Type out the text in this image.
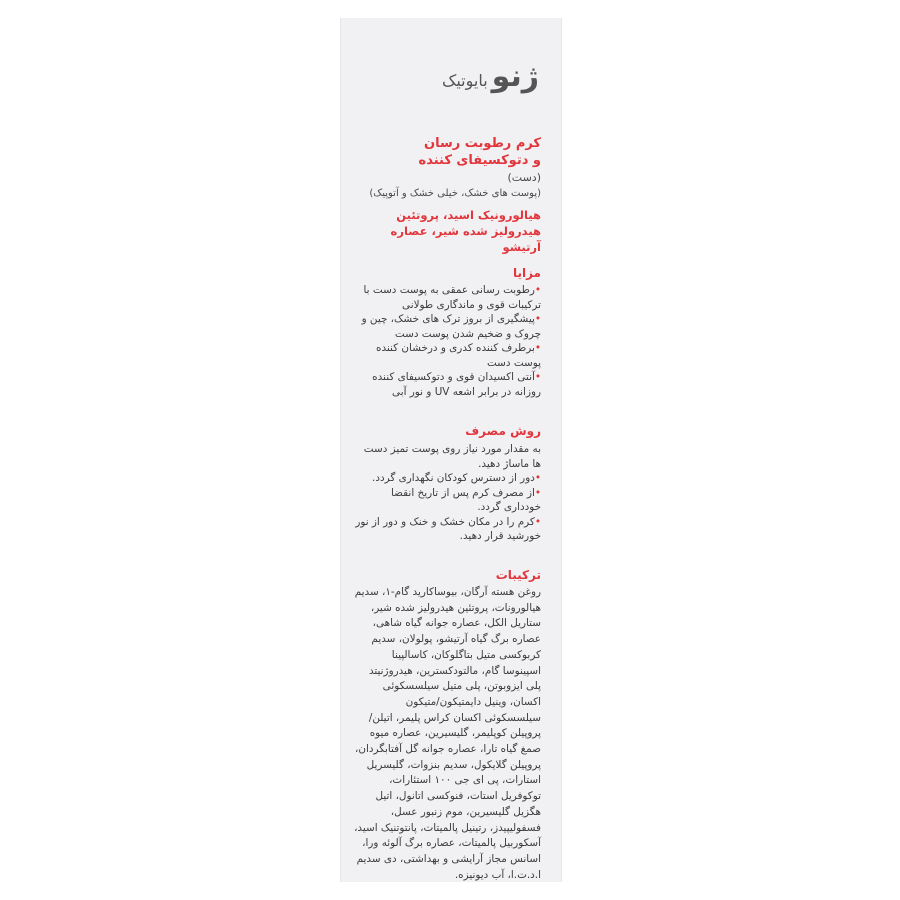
ژنو
بایوتیک
کرم رطوبت رسان
و دتوکسیفای کننده
(دست)
(پوست های خشک، خیلی خشک و آتوپیک)
هیالورونیک اسید، پروتئین
هیدرولیز شده شیر، عصاره آرتیشو
مزایا
•رطوبت رسانی عمقی به پوست دست با ترکیبات قوی و ماندگاری طولانی
•پیشگیری از بروز ترک های خشک، چین و چروک و ضخیم شدن پوست دست
•برطرف کننده کدری و درخشان کننده پوست دست
•آنتی اکسیدان قوی و دتوکسیفای کننده روزانه در برابر اشعه UV و نور آبی
روش مصرف
به مقدار مورد نیاز روی پوست تمیز دست ها ماساژ دهید.
•دور از دسترس کودکان نگهداری گردد.
•از مصرف کرم پس از تاریخ انقضا خودداری گردد.
•کرم را در مکان خشک و خنک و دور از نور خورشید قرار دهید.
ترکیبات
روغن هسته آرگان، بیوساکارید گام-۱، سدیم هیالورونات، پروتئین هیدرولیز شده شیر، ستاریل الکل، عصاره جوانه گیاه شاهی، عصاره برگ گیاه آرتیشو، پولولان، سدیم کربوکسی متیل بتاگلوکان، کاسالپینا اسپینوسا گام، مالتودکسترین، هیدروژنیتد پلی ایزوبوتن، پلی متیل سیلسسکوئی اکسان، وینیل دایمتیکون/متیکون سیلسسکوئی اکسان کراس پلیمر، اتیلن/پروپیلن کوپلیمر، گلیسیرین، عصاره میوه صمغ گیاه تارا، عصاره جوانه گل آفتابگردان، پروپیلن گلایکول، سدیم بنزوات، گلیسریل استارات، پی ای جی ۱۰۰ استئارات، توکوفریل استات، فنوکسی اتانول، اتیل هگزیل گلیسیرین، موم زنبور عسل، فسفولیپیدز، رتینیل پالمیتات، پانتوتنیک اسید، آسکوربیل پالمیتات، عصاره برگ آلوئه ورا، اسانس مجاز آرایشی و بهداشتی، دی سدیم ا.د.ت.ا، آب دیونیزه.
